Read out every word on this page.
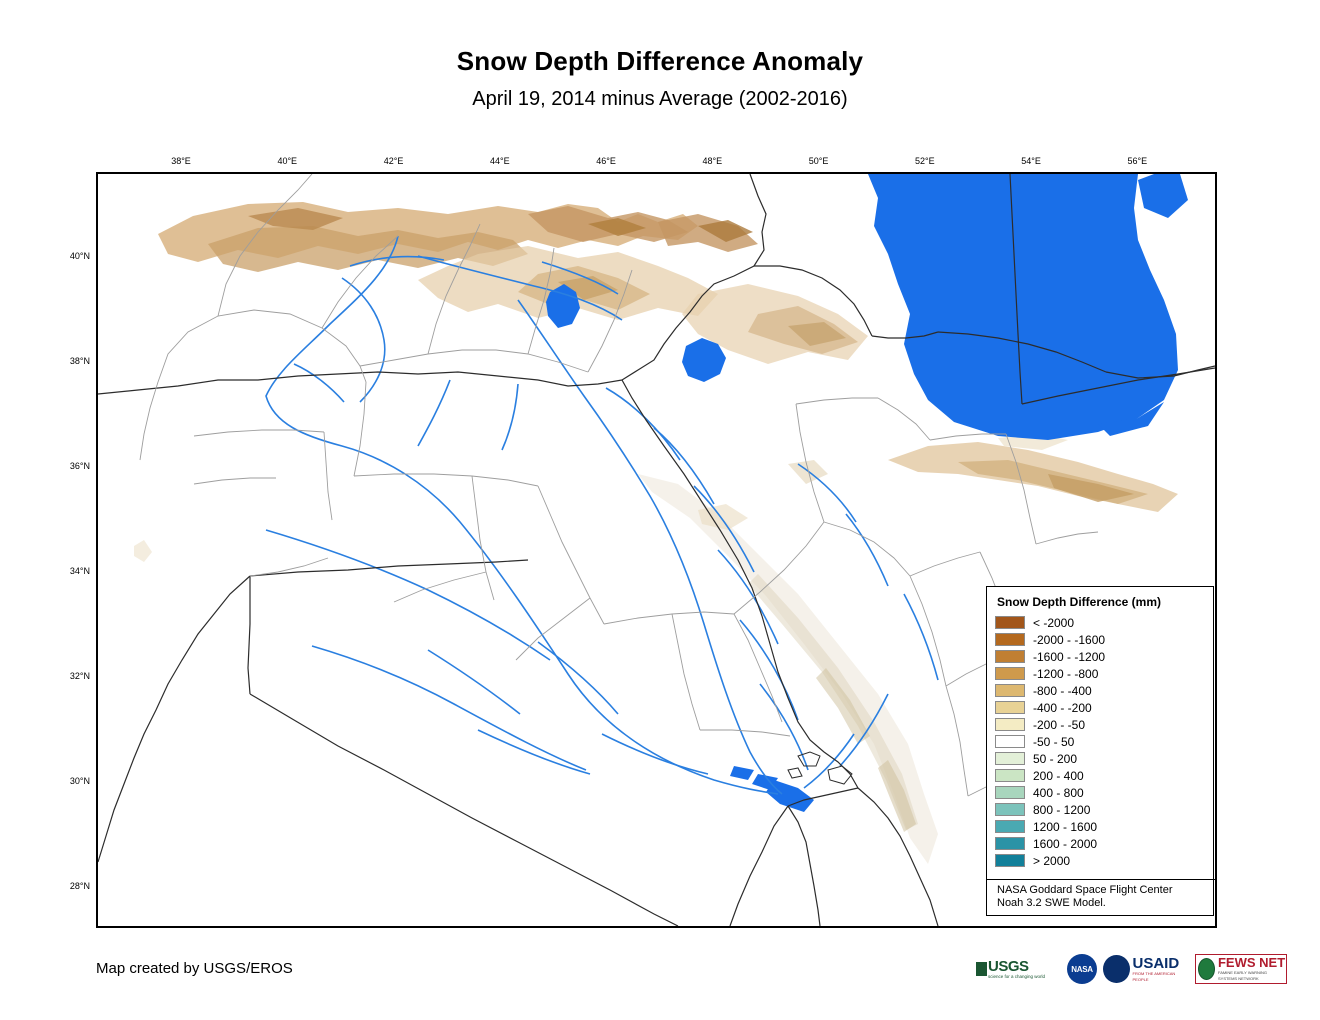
Snow Depth Difference Anomaly
April 19, 2014 minus Average (2002-2016)
38°E	40°E	42°E	44°E	46°E	48°E	50°E	52°E	54°E	56°E
40°N
38°N
36°N
34°N
32°N
30°N
28°N
Snow Depth Difference (mm)
< -2000
-2000 - -1600
-1600 - -1200
-1200 - -800
-800 - -400
-400 - -200
-200 - -50
-50 - 50
50 - 200
200 - 400
400 - 800
800 - 1200
1200 - 1600
1600 - 2000
> 2000
NASA Goddard Space Flight Center
Noah 3.2 SWE Model.
Map created by USGS/EROS	USGS
science for a changing world
NASA	USAID
FROM THE AMERICAN PEOPLE
FEWS NET
FAMINE EARLY WARNING SYSTEMS NETWORK
